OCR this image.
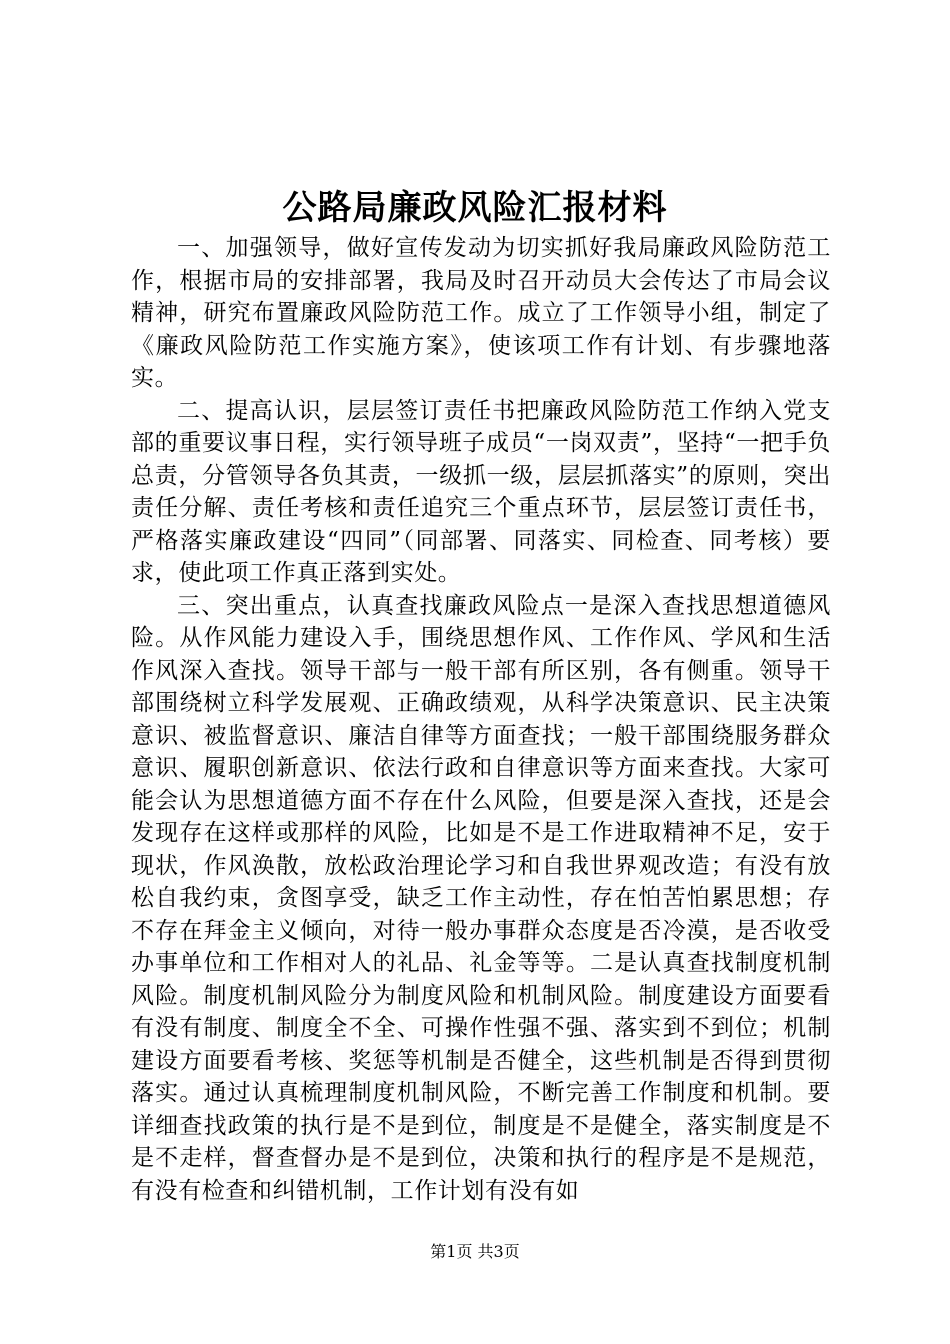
公路局廉政风险汇报材料

一、加强领导，做好宣传发动为切实抓好我局廉政风险防范工作，根据市局的安排部署，我局及时召开动员大会传达了市局会议精神，研究布置廉政风险防范工作。成立了工作领导小组，制定了《廉政风险防范工作实施方案》，使该项工作有计划、有步骤地落实。

二、提高认识，层层签订责任书把廉政风险防范工作纳入党支部的重要议事日程，实行领导班子成员“一岗双责”，坚持“一把手负总责，分管领导各负其责，一级抓一级，层层抓落实”的原则，突出责任分解、责任考核和责任追究三个重点环节，层层签订责任书，严格落实廉政建设“四同”（同部署、同落实、同检查、同考核）要求，使此项工作真正落到实处。

三、突出重点，认真查找廉政风险点一是深入查找思想道德风险。从作风能力建设入手，围绕思想作风、工作作风、学风和生活作风深入查找。领导干部与一般干部有所区别，各有侧重。领导干部围绕树立科学发展观、正确政绩观，从科学决策意识、民主决策意识、被监督意识、廉洁自律等方面查找；一般干部围绕服务群众意识、履职创新意识、依法行政和自律意识等方面来查找。大家可能会认为思想道德方面不存在什么风险，但要是深入查找，还是会发现存在这样或那样的风险，比如是不是工作进取精神不足，安于现状，作风涣散，放松政治理论学习和自我世界观改造；有没有放松自我约束，贪图享受，缺乏工作主动性，存在怕苦怕累思想；存不存在拜金主义倾向，对待一般办事群众态度是否冷漠，是否收受办事单位和工作相对人的礼品、礼金等等。二是认真查找制度机制风险。制度机制风险分为制度风险和机制风险。制度建设方面要看有没有制度、制度全不全、可操作性强不强、落实到不到位；机制建设方面要看考核、奖惩等机制是否健全，这些机制是否得到贯彻落实。通过认真梳理制度机制风险，不断完善工作制度和机制。要详细查找政策的执行是不是到位，制度是不是健全，落实制度是不是不走样，督查督办是不是到位，决策和执行的程序是不是规范，有没有检查和纠错机制，工作计划有没有如

第1页 共3页
